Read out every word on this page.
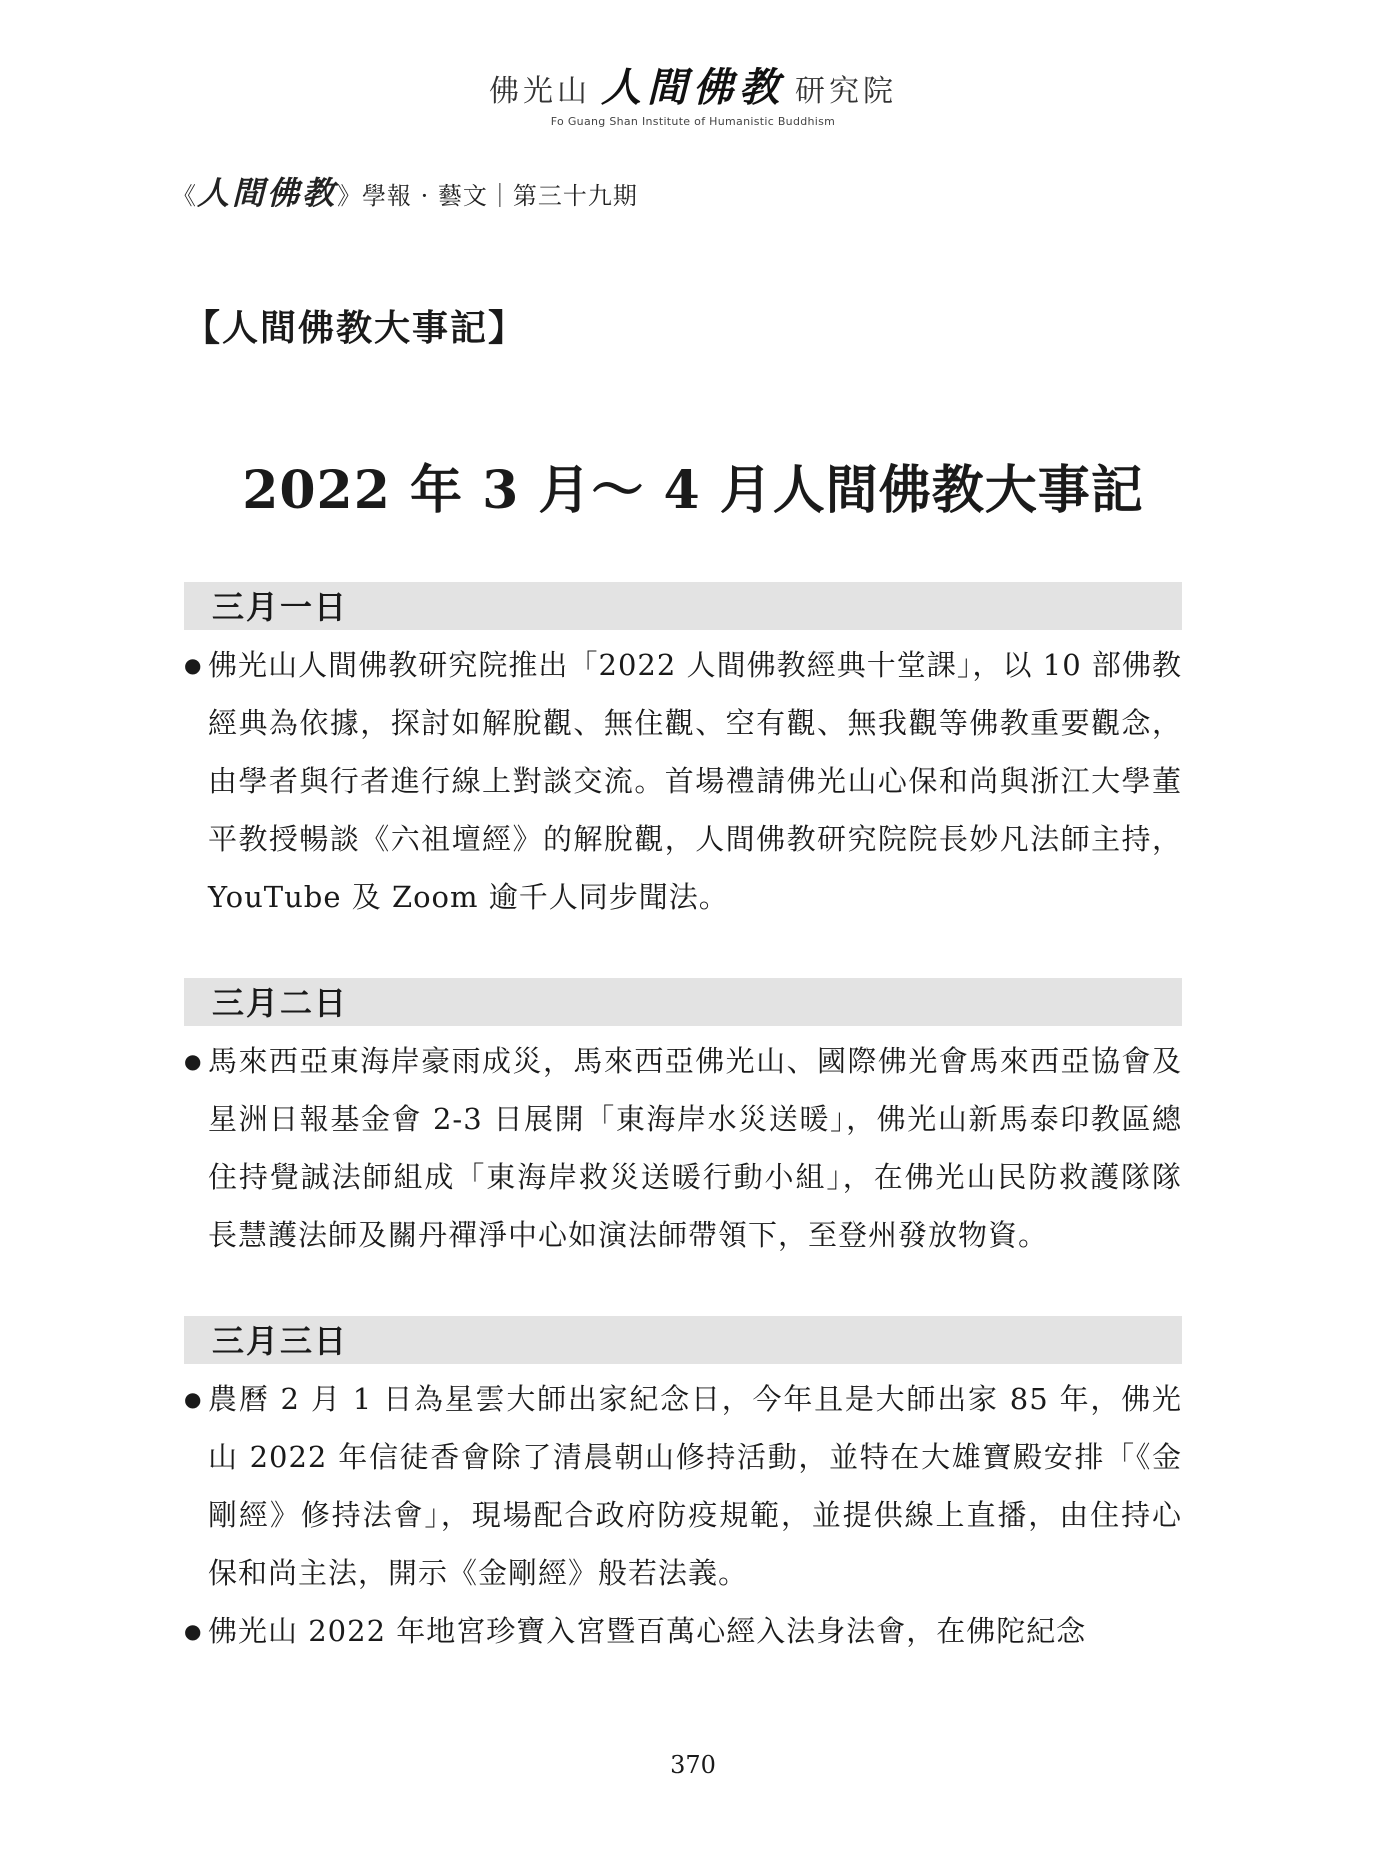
佛光山 人間佛教 研究院
Fo Guang Shan Institute of Humanistic Buddhism
《人間佛教》學報 · 藝文｜第三十九期
【人間佛教大事記】
2022 年 3 月～ 4 月人間佛教大事記
三月一日
● 佛光山人間佛教研究院推出「2022 人間佛教經典十堂課」，以 10 部佛教經典為依據，探討如解脫觀、無住觀、空有觀、無我觀等佛教重要觀念，由學者與行者進行線上對談交流。首場禮請佛光山心保和尚與浙江大學董平教授暢談《六祖壇經》的解脫觀，人間佛教研究院院長妙凡法師主持，YouTube 及 Zoom 逾千人同步聞法。
三月二日
● 馬來西亞東海岸豪雨成災，馬來西亞佛光山、國際佛光會馬來西亞協會及星洲日報基金會 2-3 日展開「東海岸水災送暖」，佛光山新馬泰印教區總住持覺誠法師組成「東海岸救災送暖行動小組」，在佛光山民防救護隊隊長慧護法師及關丹禪淨中心如演法師帶領下，至登州發放物資。
三月三日
● 農曆 2 月 1 日為星雲大師出家紀念日，今年且是大師出家 85 年，佛光山 2022 年信徒香會除了清晨朝山修持活動，並特在大雄寶殿安排「《金剛經》修持法會」，現場配合政府防疫規範，並提供線上直播，由住持心保和尚主法，開示《金剛經》般若法義。
● 佛光山 2022 年地宮珍寶入宮暨百萬心經入法身法會，在佛陀紀念
370
